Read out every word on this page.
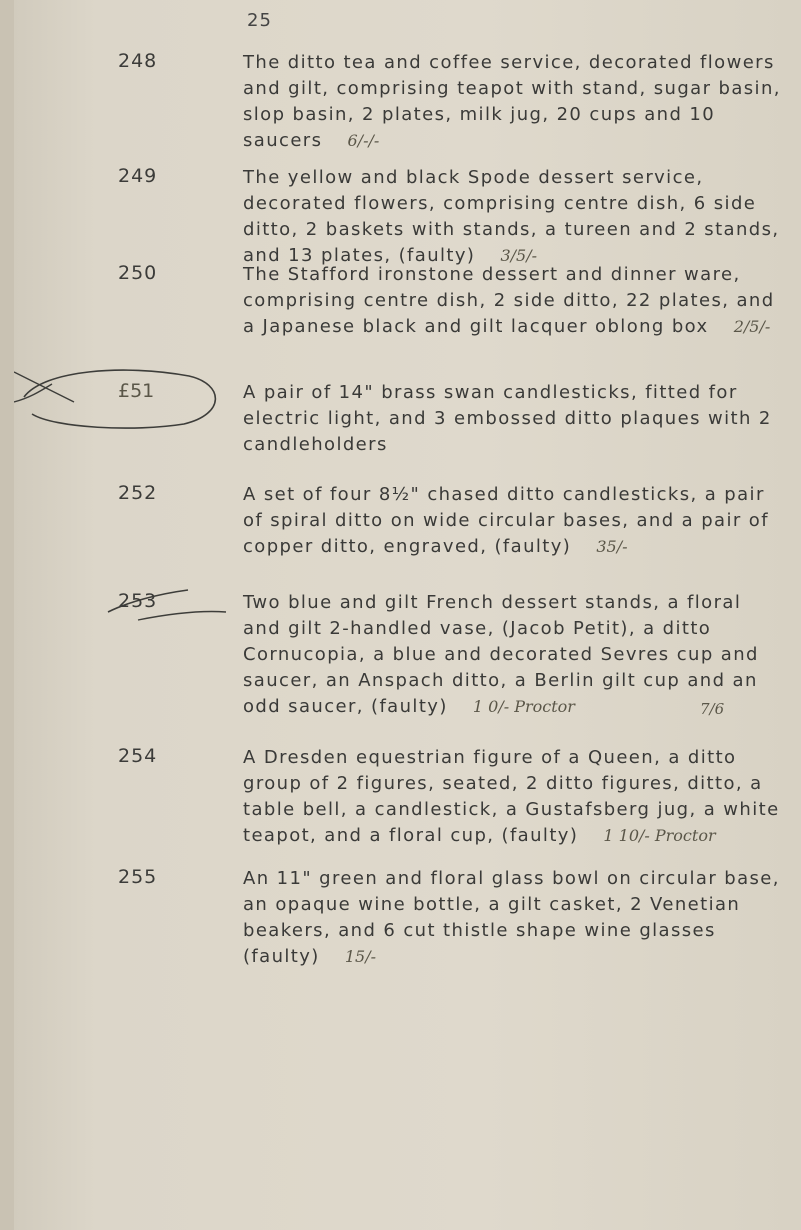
25
248	The ditto tea and coffee service, decorated flowers and gilt, comprising teapot with stand, sugar basin, slop basin, 2 plates, milk jug, 20 cups and 10 saucers 6/-/-
249	The yellow and black Spode dessert service, decorated flowers, comprising centre dish, 6 side ditto, 2 baskets with stands, a tureen and 2 stands, and 13 plates, (faulty) 3/5/-
250	The Stafford ironstone dessert and dinner ware, comprising centre dish, 2 side ditto, 22 plates, and a Japanese black and gilt lacquer oblong box 2/5/-
£51	A pair of 14" brass swan candlesticks, fitted for electric light, and 3 embossed ditto plaques with 2 candleholders
252	A set of four 8½" chased ditto candlesticks, a pair of spiral ditto on wide circular bases, and a pair of copper ditto, engraved, (faulty) 35/-
253	Two blue and gilt French dessert stands, a floral and gilt 2-handled vase, (Jacob Petit), a ditto Cornucopia, a blue and decorated Sevres cup and saucer, an Anspach ditto, a Berlin gilt cup and an odd saucer, (faulty) 1 0/- Proctor	7/6
254	A Dresden equestrian figure of a Queen, a ditto group of 2 figures, seated, 2 ditto figures, ditto, a table bell, a candlestick, a Gustafsberg jug, a white teapot, and a floral cup, (faulty) 1 10/- Proctor
255	An 11" green and floral glass bowl on circular base, an opaque wine bottle, a gilt casket, 2 Venetian beakers, and 6 cut thistle shape wine glasses (faulty) 15/-
